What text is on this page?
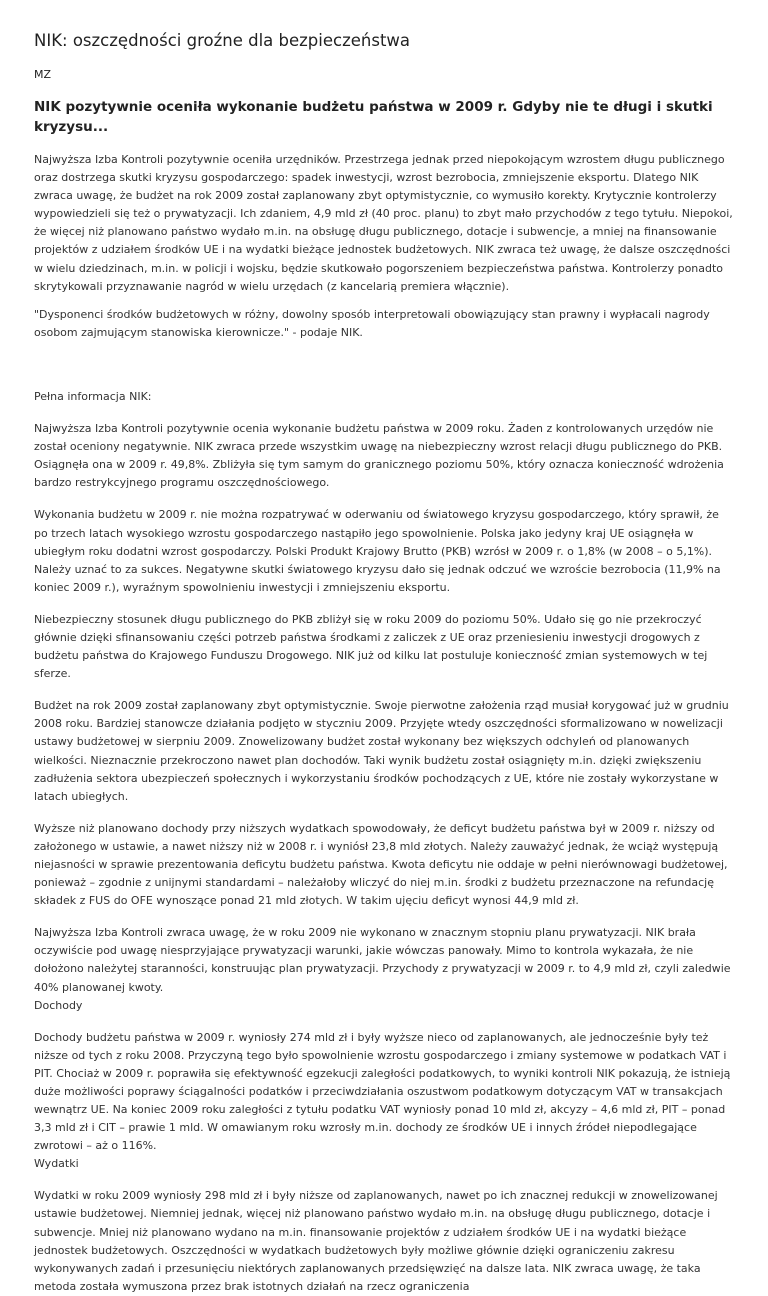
NIK: oszczędności groźne dla bezpieczeństwa
MZ
NIK pozytywnie oceniła wykonanie budżetu państwa w 2009 r. Gdyby nie te długi i skutki kryzysu...

Najwyższa Izba Kontroli pozytywnie oceniła urzędników. Przestrzega jednak przed niepokojącym wzrostem długu publicznego oraz dostrzega skutki kryzysu gospodarczego: spadek inwestycji, wzrost bezrobocia, zmniejszenie eksportu. Dlatego NIK zwraca uwagę, że budżet na rok 2009 został zaplanowany zbyt optymistycznie, co wymusiło korekty. Krytycznie kontrolerzy wypowiedzieli się też o prywatyzacji. Ich zdaniem, 4,9 mld zł (40 proc. planu) to zbyt mało przychodów z tego tytułu. Niepokoi, że więcej niż planowano państwo wydało m.in. na obsługę długu publicznego, dotacje i subwencje, a mniej na finansowanie projektów z udziałem środków UE i na wydatki bieżące jednostek budżetowych. NIK zwraca też uwagę, że dalsze oszczędności w wielu dziedzinach, m.in. w policji i wojsku, będzie skutkowało pogorszeniem bezpieczeństwa państwa. Kontrolerzy ponadto skrytykowali przyznawanie nagród w wielu urzędach (z kancelarią premiera włącznie).

"Dysponenci środków budżetowych w różny, dowolny sposób interpretowali obowiązujący stan prawny i wypłacali nagrody osobom zajmującym stanowiska kierownicze." - podaje NIK.

Pełna informacja NIK:

Najwyższa Izba Kontroli pozytywnie ocenia wykonanie budżetu państwa w 2009 roku. Żaden z kontrolowanych urzędów nie został oceniony negatywnie. NIK zwraca przede wszystkim uwagę na niebezpieczny wzrost relacji długu publicznego do PKB. Osiągnęła ona w 2009 r. 49,8%. Zbliżyła się tym samym do granicznego poziomu 50%, który oznacza konieczność wdrożenia bardzo restrykcyjnego programu oszczędnościowego.

Wykonania budżetu w 2009 r. nie można rozpatrywać w oderwaniu od światowego kryzysu gospodarczego, który sprawił, że po trzech latach wysokiego wzrostu gospodarczego nastąpiło jego spowolnienie. Polska jako jedyny kraj UE osiągnęła w ubiegłym roku dodatni wzrost gospodarczy. Polski Produkt Krajowy Brutto (PKB) wzrósł w 2009 r. o 1,8% (w 2008 – o 5,1%). Należy uznać to za sukces. Negatywne skutki światowego kryzysu dało się jednak odczuć we wzroście bezrobocia (11,9% na koniec 2009 r.), wyraźnym spowolnieniu inwestycji i zmniejszeniu eksportu.

Niebezpieczny stosunek długu publicznego do PKB zbliżył się w roku 2009 do poziomu 50%. Udało się go nie przekroczyć głównie dzięki sfinansowaniu części potrzeb państwa środkami z zaliczek z UE oraz przeniesieniu inwestycji drogowych z budżetu państwa do Krajowego Funduszu Drogowego. NIK już od kilku lat postuluje konieczność zmian systemowych w tej sferze.

Budżet na rok 2009 został zaplanowany zbyt optymistycznie. Swoje pierwotne założenia rząd musiał korygować już w grudniu 2008 roku. Bardziej stanowcze działania podjęto w styczniu 2009. Przyjęte wtedy oszczędności sformalizowano w nowelizacji ustawy budżetowej w sierpniu 2009. Znowelizowany budżet został wykonany bez większych odchyleń od planowanych wielkości. Nieznacznie przekroczono nawet plan dochodów. Taki wynik budżetu został osiągnięty m.in. dzięki zwiększeniu zadłużenia sektora ubezpieczeń społecznych i wykorzystaniu środków pochodzących z UE, które nie zostały wykorzystane w latach ubiegłych.

Wyższe niż planowano dochody przy niższych wydatkach spowodowały, że deficyt budżetu państwa był w 2009 r. niższy od założonego w ustawie, a nawet niższy niż w 2008 r. i wyniósł 23,8 mld złotych. Należy zauważyć jednak, że wciąż występują niejasności w sprawie prezentowania deficytu budżetu państwa. Kwota deficytu nie oddaje w pełni nierównowagi budżetowej, ponieważ – zgodnie z unijnymi standardami – należałoby wliczyć do niej m.in. środki z budżetu przeznaczone na refundację składek z FUS do OFE wynoszące ponad 21 mld złotych. W takim ujęciu deficyt wynosi 44,9 mld zł.

Najwyższa Izba Kontroli zwraca uwagę, że w roku 2009 nie wykonano w znacznym stopniu planu prywatyzacji. NIK brała oczywiście pod uwagę niesprzyjające prywatyzacji warunki, jakie wówczas panowały. Mimo to kontrola wykazała, że nie dołożono należytej staranności, konstruując plan prywatyzacji. Przychody z prywatyzacji w 2009 r. to 4,9 mld zł, czyli zaledwie 40% planowanej kwoty.

Dochody

Dochody budżetu państwa w 2009 r. wyniosły 274 mld zł i były wyższe nieco od zaplanowanych, ale jednocześnie były też niższe od tych z roku 2008. Przyczyną tego było spowolnienie wzrostu gospodarczego i zmiany systemowe w podatkach VAT i PIT. Chociaż w 2009 r. poprawiła się efektywność egzekucji zaległości podatkowych, to wyniki kontroli NIK pokazują, że istnieją duże możliwości poprawy ściągalności podatków i przeciwdziałania oszustwom podatkowym dotyczącym VAT w transakcjach wewnątrz UE. Na koniec 2009 roku zaległości z tytułu podatku VAT wyniosły ponad 10 mld zł, akcyzy – 4,6 mld zł, PIT – ponad 3,3 mld zł i CIT – prawie 1 mld. W omawianym roku wzrosły m.in. dochody ze środków UE i innych źródeł niepodlegające zwrotowi – aż o 116%.

Wydatki

Wydatki w roku 2009 wyniosły 298 mld zł i były niższe od zaplanowanych, nawet po ich znacznej redukcji w znowelizowanej ustawie budżetowej. Niemniej jednak, więcej niż planowano państwo wydało m.in. na obsługę długu publicznego, dotacje i subwencje. Mniej niż planowano wydano na m.in. finansowanie projektów z udziałem środków UE i na wydatki bieżące jednostek budżetowych. Oszczędności w wydatkach budżetowych były możliwe głównie dzięki ograniczeniu zakresu wykonywanych zadań i przesunięciu niektórych zaplanowanych przedsięwzięć na dalsze lata. NIK zwraca uwagę, że taka metoda została wymuszona przez brak istotnych działań na rzecz ograniczenia
